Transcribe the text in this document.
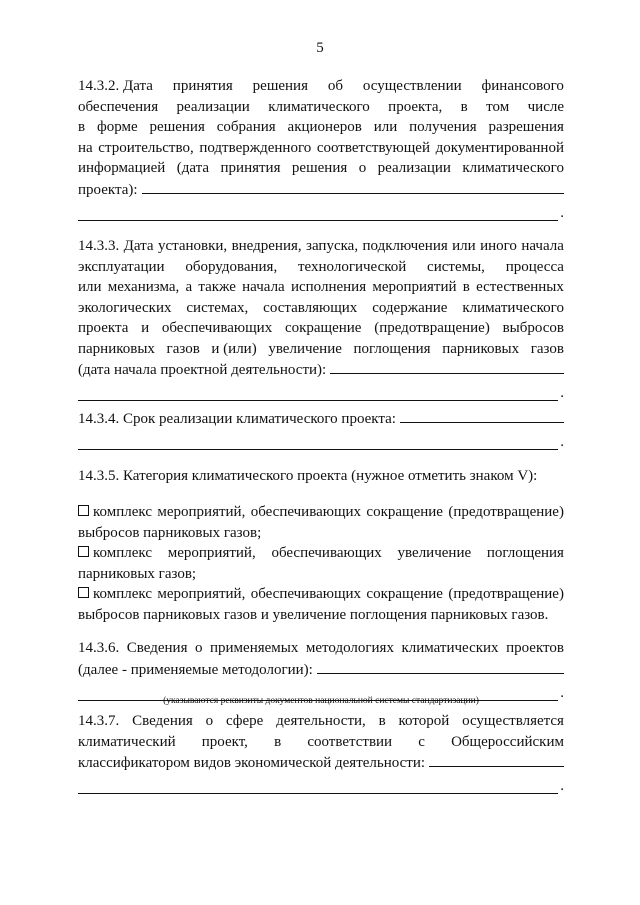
5
14.3.2. Дата принятия решения об осуществлении финансового
обеспечения реализации климатического проекта, в том числе
в форме решения собрания акционеров или получения разрешения
на строительство, подтвержденного соответствующей документированной
информацией (дата принятия решения о реализации климатического
проекта):
.
14.3.3. Дата установки, внедрения, запуска, подключения или иного начала
эксплуатации оборудования, технологической системы, процесса
или механизма, а также начала исполнения мероприятий в естественных
экологических системах, составляющих содержание климатического
проекта и обеспечивающих сокращение (предотвращение) выбросов
парниковых газов и (или) увеличение поглощения парниковых газов
(дата начала проектной деятельности):
.
14.3.4. Срок реализации климатического проекта:
.
14.3.5. Категория климатического проекта (нужное отметить знаком V):
комплекс мероприятий, обеспечивающих сокращение (предотвращение)
выбросов парниковых газов;
комплекс мероприятий, обеспечивающих увеличение поглощения
парниковых газов;
комплекс мероприятий, обеспечивающих сокращение (предотвращение)
выбросов парниковых газов и увеличение поглощения парниковых газов.
14.3.6. Сведения о применяемых методологиях климатических проектов
(далее - применяемые методологии):
.
(указываются реквизиты документов национальной системы стандартизации)
14.3.7. Сведения о сфере деятельности, в которой осуществляется
климатический проект, в соответствии с Общероссийским
классификатором видов экономической деятельности:
.
